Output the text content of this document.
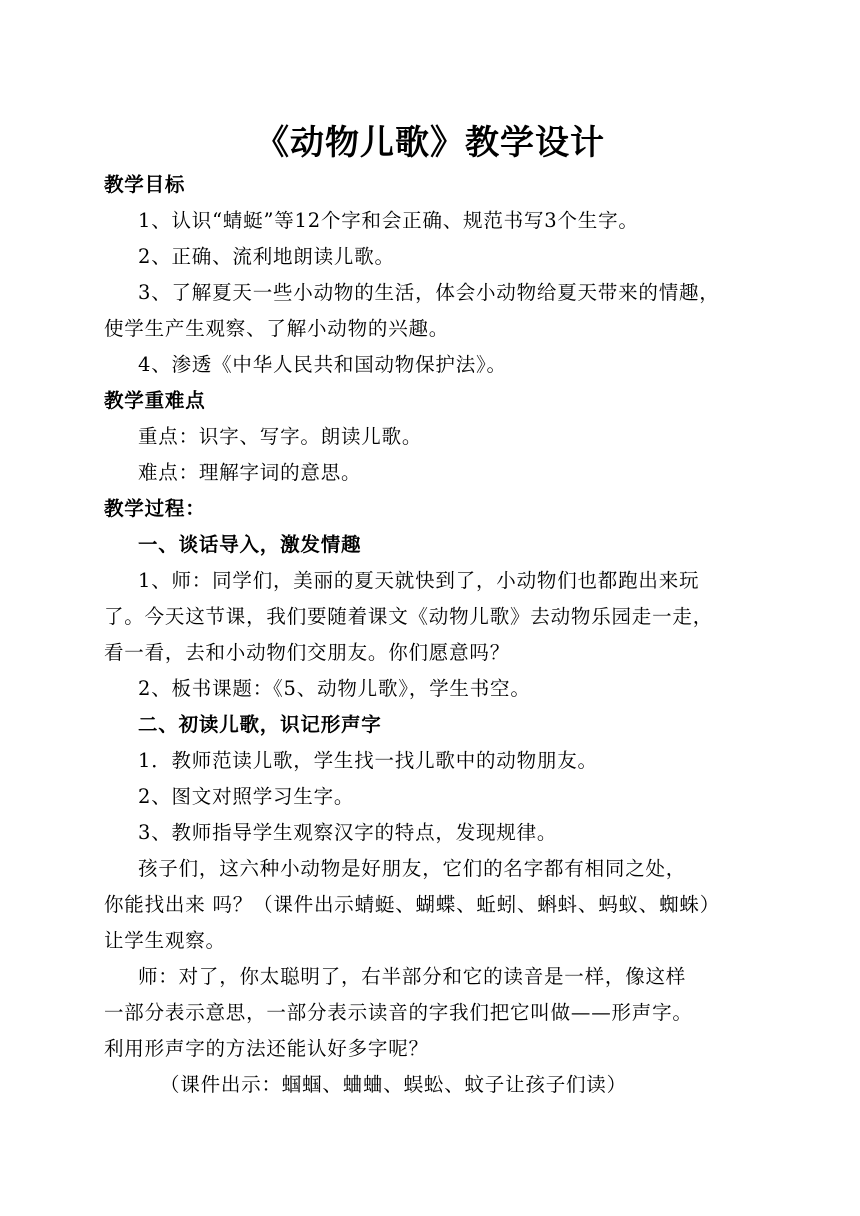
《动物儿歌》教学设计
教学目标
1、认识“蜻蜓”等12个字和会正确、规范书写3个生字。
2、正确、流利地朗读儿歌。
3、了解夏天一些小动物的生活，体会小动物给夏天带来的情趣，
使学生产生观察、了解小动物的兴趣。
4、渗透《中华人民共和国动物保护法》。
教学重难点
重点：识字、写字。朗读儿歌。
难点：理解字词的意思。
教学过程：
一、谈话导入，激发情趣
1、师：同学们，美丽的夏天就快到了，小动物们也都跑出来玩
了。今天这节课，我们要随着课文《动物儿歌》去动物乐园走一走，
看一看，去和小动物们交朋友。你们愿意吗？
2、板书课题：《5、动物儿歌》，学生书空。
二、初读儿歌，识记形声字
1．教师范读儿歌，学生找一找儿歌中的动物朋友。
2、图文对照学习生字。
3、教师指导学生观察汉字的特点，发现规律。
孩子们，这六种小动物是好朋友，它们的名字都有相同之处，
你能找出来 吗？（课件出示蜻蜓、蝴蝶、蚯蚓、蝌蚪、蚂蚁、蜘蛛）
让学生观察。
师：对了，你太聪明了，右半部分和它的读音是一样，像这样
一部分表示意思，一部分表示读音的字我们把它叫做——形声字。
利用形声字的方法还能认好多字呢？
（课件出示：蝈蝈、蛐蛐、蜈蚣、蚊子让孩子们读）
